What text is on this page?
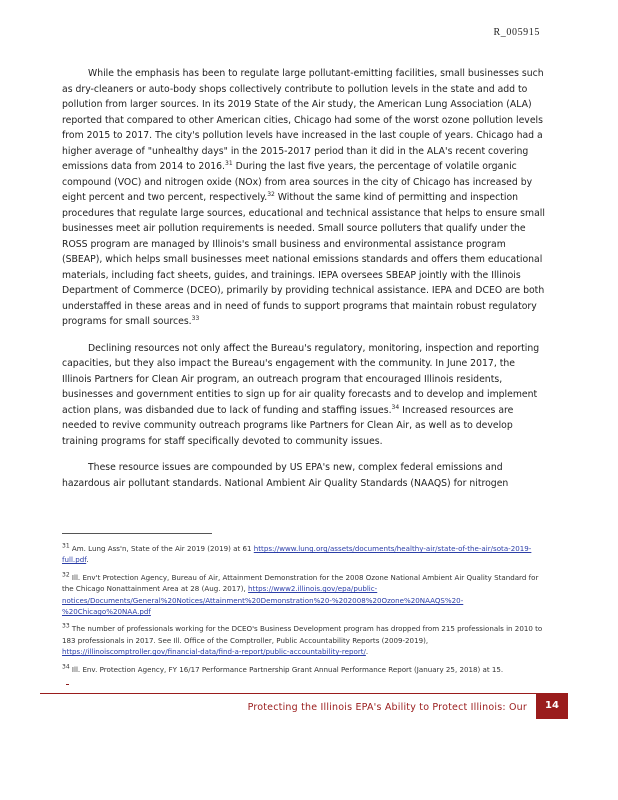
R_005915

While the emphasis has been to regulate large pollutant-emitting facilities, small businesses such as dry-cleaners or auto-body shops collectively contribute to pollution levels in the state and add to pollution from larger sources. In its 2019 State of the Air study, the American Lung Association (ALA) reported that compared to other American cities, Chicago had some of the worst ozone pollution levels from 2015 to 2017. The city's pollution levels have increased in the last couple of years. Chicago had a higher average of "unhealthy days" in the 2015-2017 period than it did in the ALA's recent covering emissions data from 2014 to 2016.31 During the last five years, the percentage of volatile organic compound (VOC) and nitrogen oxide (NOx) from area sources in the city of Chicago has increased by eight percent and two percent, respectively.$^{32}$ Without the same kind of permitting and inspection procedures that regulate large sources, educational and technical assistance that helps to ensure small businesses meet air pollution requirements is needed. Small source polluters that qualify under the ROSS program are managed by Illinois's small business and environmental assistance program (SBEAP), which helps small businesses meet national emissions standards and offers them educational materials, including fact sheets, guides, and trainings. IEPA oversees SBEAP jointly with the Illinois Department of Commerce (DCEO), primarily by providing technical assistance. IEPA and DCEO are both understaffed in these areas and in need of funds to support programs that maintain robust regulatory programs for small sources.$^{33}$

Declining resources not only affect the Bureau's regulatory, monitoring, inspection and reporting capacities, but they also impact the Bureau's engagement with the community. In June 2017, the Illinois Partners for Clean Air program, an outreach program that encouraged Illinois residents, businesses and government entities to sign up for air quality forecasts and to develop and implement action plans, was disbanded due to lack of funding and staffing issues.$^{34}$ Increased resources are needed to revive community outreach programs like Partners for Clean Air, as well as to develop training programs for staff specifically devoted to community issues.

These resource issues are compounded by US EPA's new, complex federal emissions and hazardous air pollutant standards. National Ambient Air Quality Standards (NAAQS) for nitrogen

$^{31}$ Am. Lung Ass'n, State of the Air 2019 (2019) at 61 https://www.lung.org/assets/documents/healthy-air/state-of-the-air/sota-2019-full.pdf.

$^{32}$ Ill. Env't Protection Agency, Bureau of Air, Attainment Demonstration for the 2008 Ozone National Ambient Air Quality Standard for the Chicago Nonattainment Area at 28 (Aug. 2017), https://www2.illinois.gov/epa/public-notices/Documents/General%20Notices/Attainment%20Demonstration%20-%202008%20Ozone%20NAAQS%20-%20Chicago%20NAA.pdf

$^{33}$ The number of professionals working for the DCEO's Business Development program has dropped from 215 professionals in 2010 to 183 professionals in 2017. See Ill. Office of the Comptroller, Public Accountability Reports (2009-2019), https://illinoiscomptroller.gov/financial-data/find-a-report/public-accountability-report/.

$^{34}$ Ill. Env. Protection Agency, FY 16/17 Performance Partnership Grant Annual Performance Report (January 25, 2018) at 15.

Protecting the Illinois EPA's Ability to Protect Illinois: Our	14
